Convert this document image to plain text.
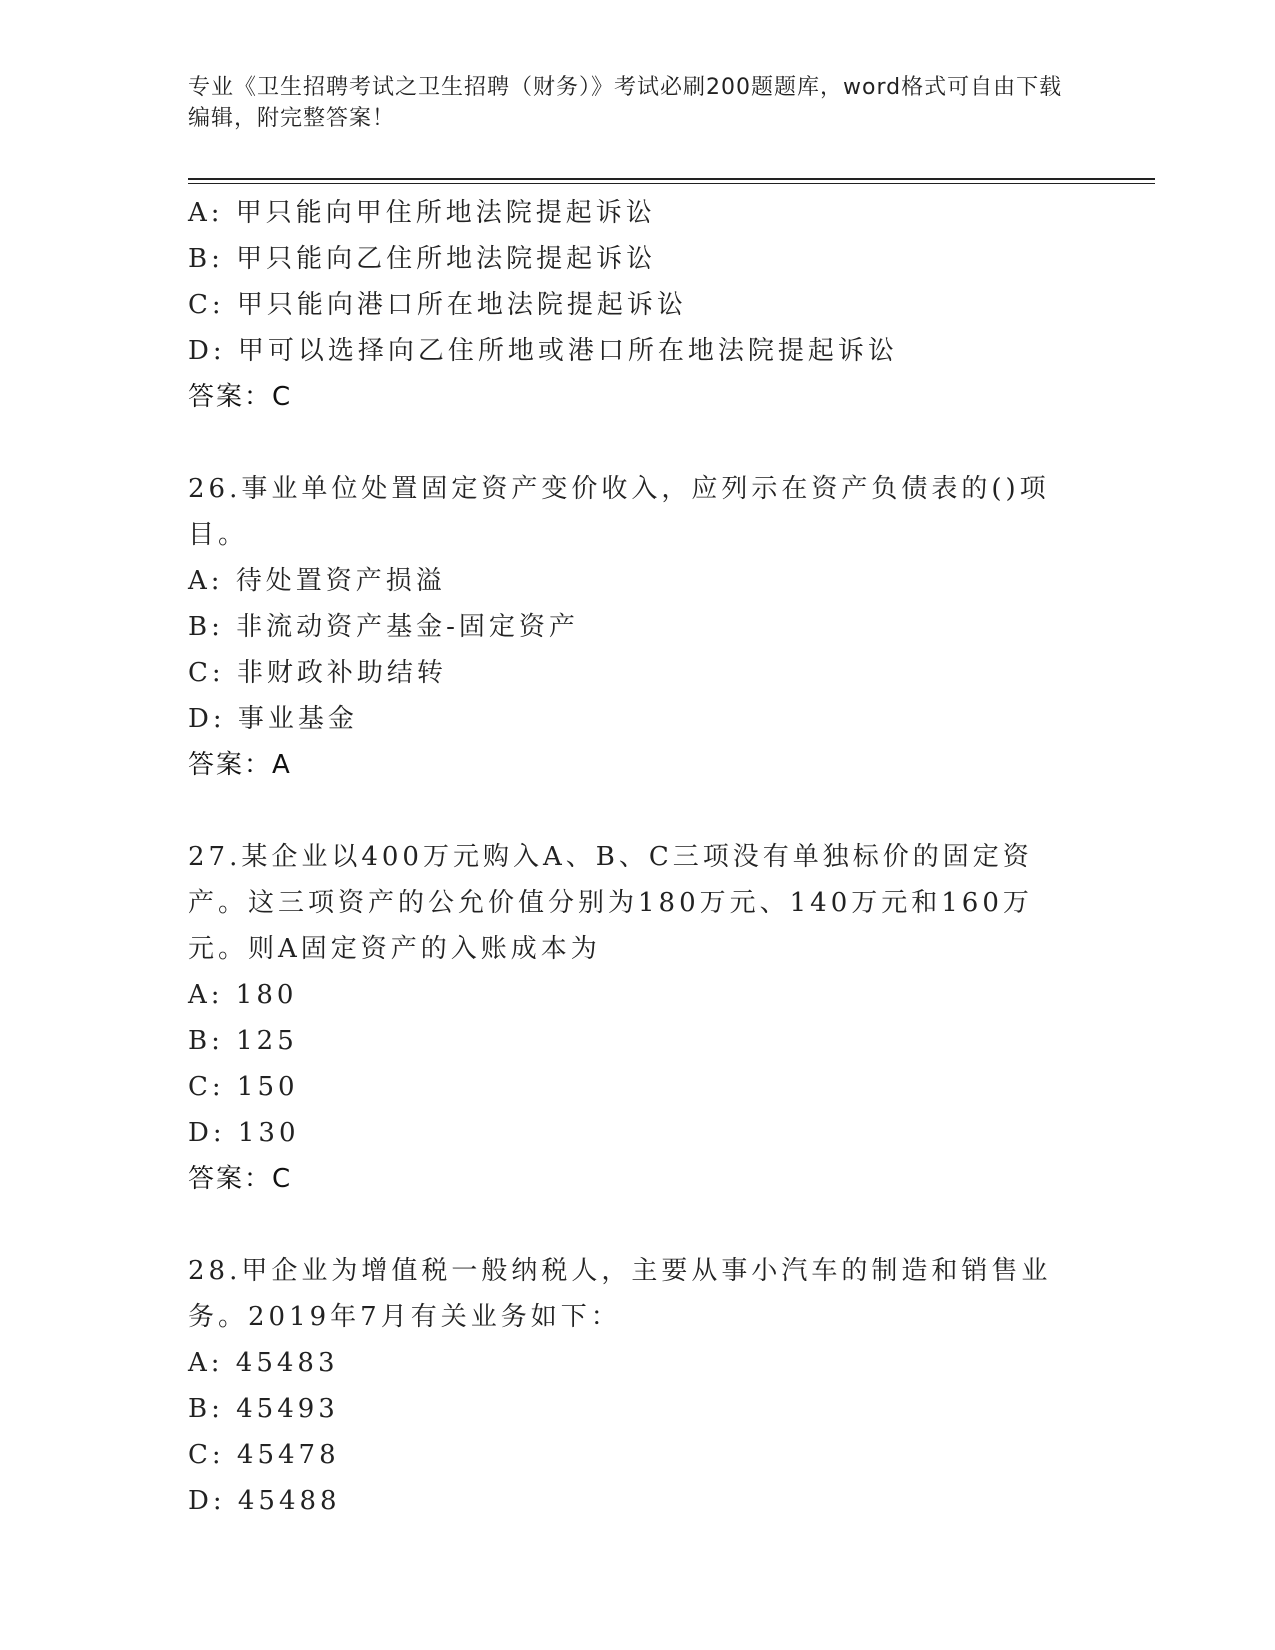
专业《卫生招聘考试之卫生招聘（财务）》考试必刷200题题库，word格式可自由下载编辑，附完整答案！
A: 甲只能向甲住所地法院提起诉讼
B: 甲只能向乙住所地法院提起诉讼
C: 甲只能向港口所在地法院提起诉讼
D: 甲可以选择向乙住所地或港口所在地法院提起诉讼
答案：C
26.事业单位处置固定资产变价收入，应列示在资产负债表的()项目。
A: 待处置资产损溢
B: 非流动资产基金-固定资产
C: 非财政补助结转
D: 事业基金
答案：A
27.某企业以400万元购入A、B、C三项没有单独标价的固定资产。这三项资产的公允价值分别为180万元、140万元和160万元。则A固定资产的入账成本为
A: 180
B: 125
C: 150
D: 130
答案：C
28.甲企业为增值税一般纳税人，主要从事小汽车的制造和销售业务。2019年7月有关业务如下：
A: 45483
B: 45493
C: 45478
D: 45488
